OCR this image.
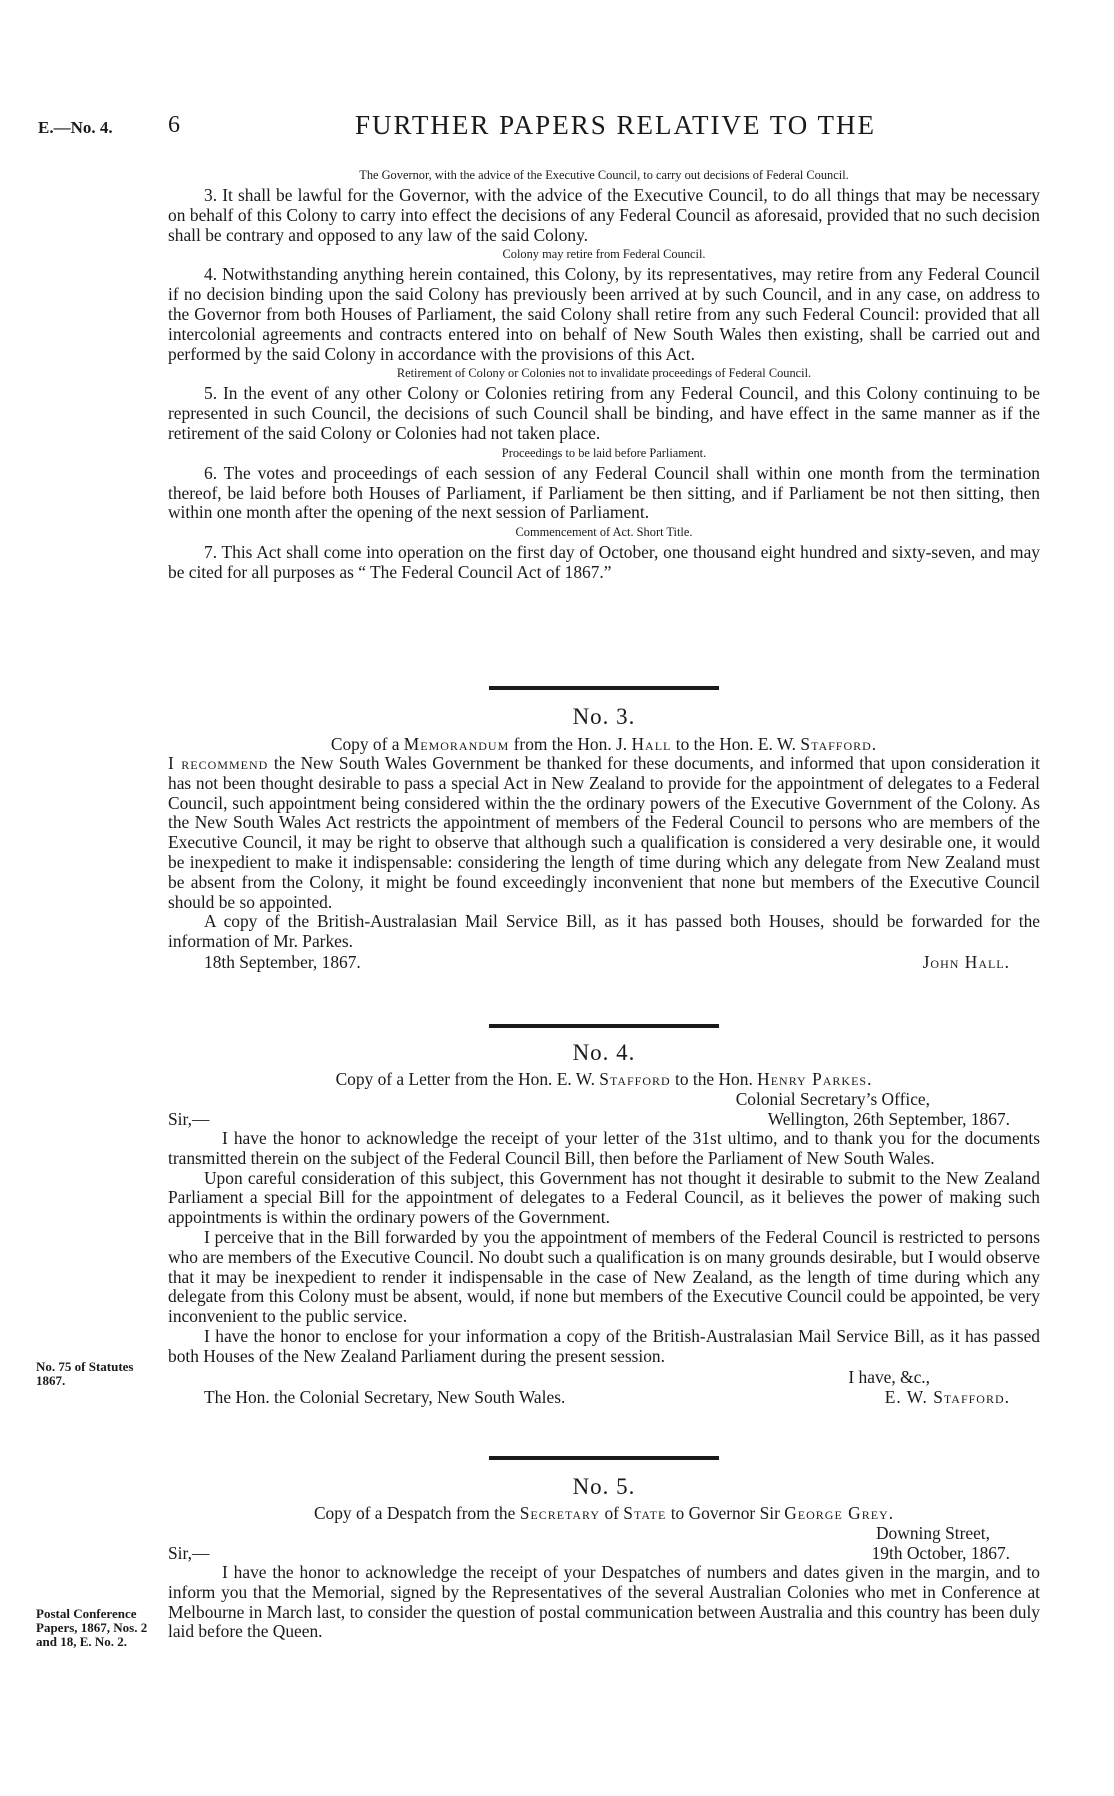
E.—No. 4. 6	FURTHER PAPERS RELATIVE TO THE
The Governor, with the advice of the Executive Council, to carry out decisions of Federal Council.

3. It shall be lawful for the Governor, with the advice of the Executive Council, to do all things that may be necessary on behalf of this Colony to carry into effect the decisions of any Federal Council as aforesaid, provided that no such decision shall be contrary and opposed to any law of the said Colony.

Colony may retire from Federal Council.

4. Notwithstanding anything herein contained, this Colony, by its representatives, may retire from any Federal Council if no decision binding upon the said Colony has previously been arrived at by such Council, and in any case, on address to the Governor from both Houses of Parliament, the said Colony shall retire from any such Federal Council: provided that all intercolonial agreements and contracts entered into on behalf of New South Wales then existing, shall be carried out and performed by the said Colony in accordance with the provisions of this Act.

Retirement of Colony or Colonies not to invalidate proceedings of Federal Council.

5. In the event of any other Colony or Colonies retiring from any Federal Council, and this Colony continuing to be represented in such Council, the decisions of such Council shall be binding, and have effect in the same manner as if the retirement of the said Colony or Colonies had not taken place.

Proceedings to be laid before Parliament.

6. The votes and proceedings of each session of any Federal Council shall within one month from the termination thereof, be laid before both Houses of Parliament, if Parliament be then sitting, and if Parliament be not then sitting, then within one month after the opening of the next session of Parliament.

Commencement of Act. Short Title.

7. This Act shall come into operation on the first day of October, one thousand eight hundred and sixty-seven, and may be cited for all purposes as “ The Federal Council Act of 1867.”

No. 3.
Copy of a Memorandum from the Hon. J. Hall to the Hon. E. W. Stafford.

I recommend the New South Wales Government be thanked for these documents, and informed that upon consideration it has not been thought desirable to pass a special Act in New Zealand to provide for the appointment of delegates to a Federal Council, such appointment being considered within the the ordinary powers of the Executive Government of the Colony. As the New South Wales Act restricts the appointment of members of the Federal Council to persons who are members of the Executive Council, it may be right to observe that although such a qualification is considered a very desirable one, it would be inexpedient to make it indispensable: considering the length of time during which any delegate from New Zealand must be absent from the Colony, it might be found exceedingly inconvenient that none but members of the Executive Council should be so appointed.

A copy of the British-Australasian Mail Service Bill, as it has passed both Houses, should be forwarded for the information of Mr. Parkes.

18th September, 1867.	John Hall.
No. 4.
Copy of a Letter from the Hon. E. W. Stafford to the Hon. Henry Parkes.
Colonial Secretary’s Office,
Sir,—	Wellington, 26th September, 1867.

I have the honor to acknowledge the receipt of your letter of the 31st ultimo, and to thank you for the documents transmitted therein on the subject of the Federal Council Bill, then before the Parliament of New South Wales.

Upon careful consideration of this subject, this Government has not thought it desirable to submit to the New Zealand Parliament a special Bill for the appointment of delegates to a Federal Council, as it believes the power of making such appointments is within the ordinary powers of the Government.

I perceive that in the Bill forwarded by you the appointment of members of the Federal Council is restricted to persons who are members of the Executive Council. No doubt such a qualification is on many grounds desirable, but I would observe that it may be inexpedient to render it indispensable in the case of New Zealand, as the length of time during which any delegate from this Colony must be absent, would, if none but members of the Executive Council could be appointed, be very inconvenient to the public service.

I have the honor to enclose for your information a copy of the British-Australasian Mail Service Bill, as it has passed both Houses of the New Zealand Parliament during the present session.

I have, &c.,
The Hon. the Colonial Secretary, New South Wales.	E. W. Stafford.
No. 75 of Statutes 1867.
No. 5.
Copy of a Despatch from the Secretary of State to Governor Sir George Grey.
Downing Street,
Sir,—	19th October, 1867.

I have the honor to acknowledge the receipt of your Despatches of numbers and dates given in the margin, and to inform you that the Memorial, signed by the Representatives of the several Australian Colonies who met in Conference at Melbourne in March last, to consider the question of postal communication between Australia and this country has been duly laid before the Queen.

Postal Conference Papers, 1867, Nos. 2 and 18, E. No. 2.
